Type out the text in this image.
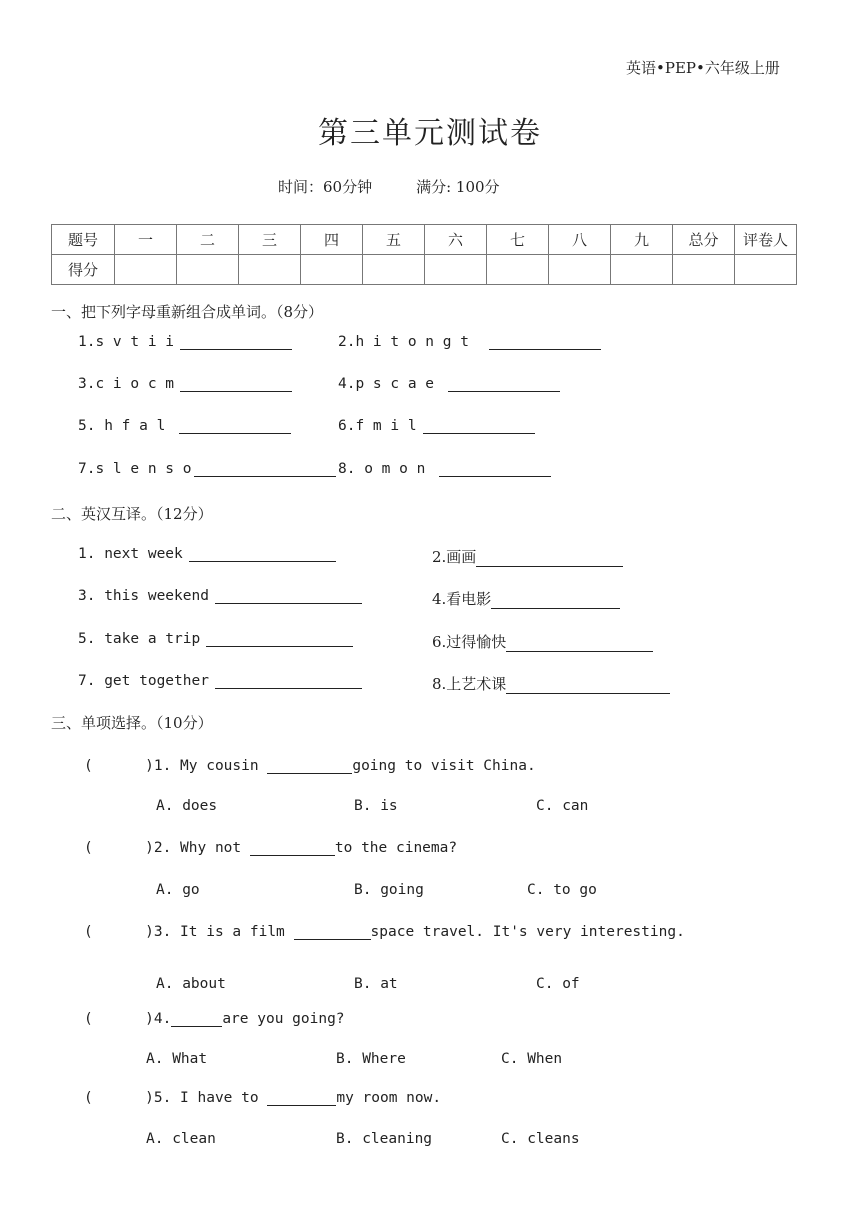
英语•PEP•六年级上册
第三单元测试卷
时间：60分钟	满分: 100分
题号	一	二	三	四	五	六	七	八	九	总分	评卷人
得分											
一、把下列字母重新组合成单词。（8分）
1.s v t i i	2.h i t o n g t
3.c i o c m	4.p s c a e
5. h f a l	6.f m i l
7.s l e n s o	8. o m o n
二、英汉互译。（12分）
1. next week	2.画画
3. this weekend	4.看电影
5. take a trip	6.过得愉快
7. get together	8.上艺术课
三、单项选择。（10分）
(      ) 1. My cousin	going to visit China.
A. does	B. is	C. can
(      ) 2. Why not	to the cinema?
A. go	B. going	C. to go
(      ) 3. It is a film	space travel. It's very interesting.
A. about	B. at	C. of
(      ) 4.	are you going?
A. What	B. Where	C. When
(      ) 5. I have to	my room now.
A. clean	B. cleaning	C. cleans
